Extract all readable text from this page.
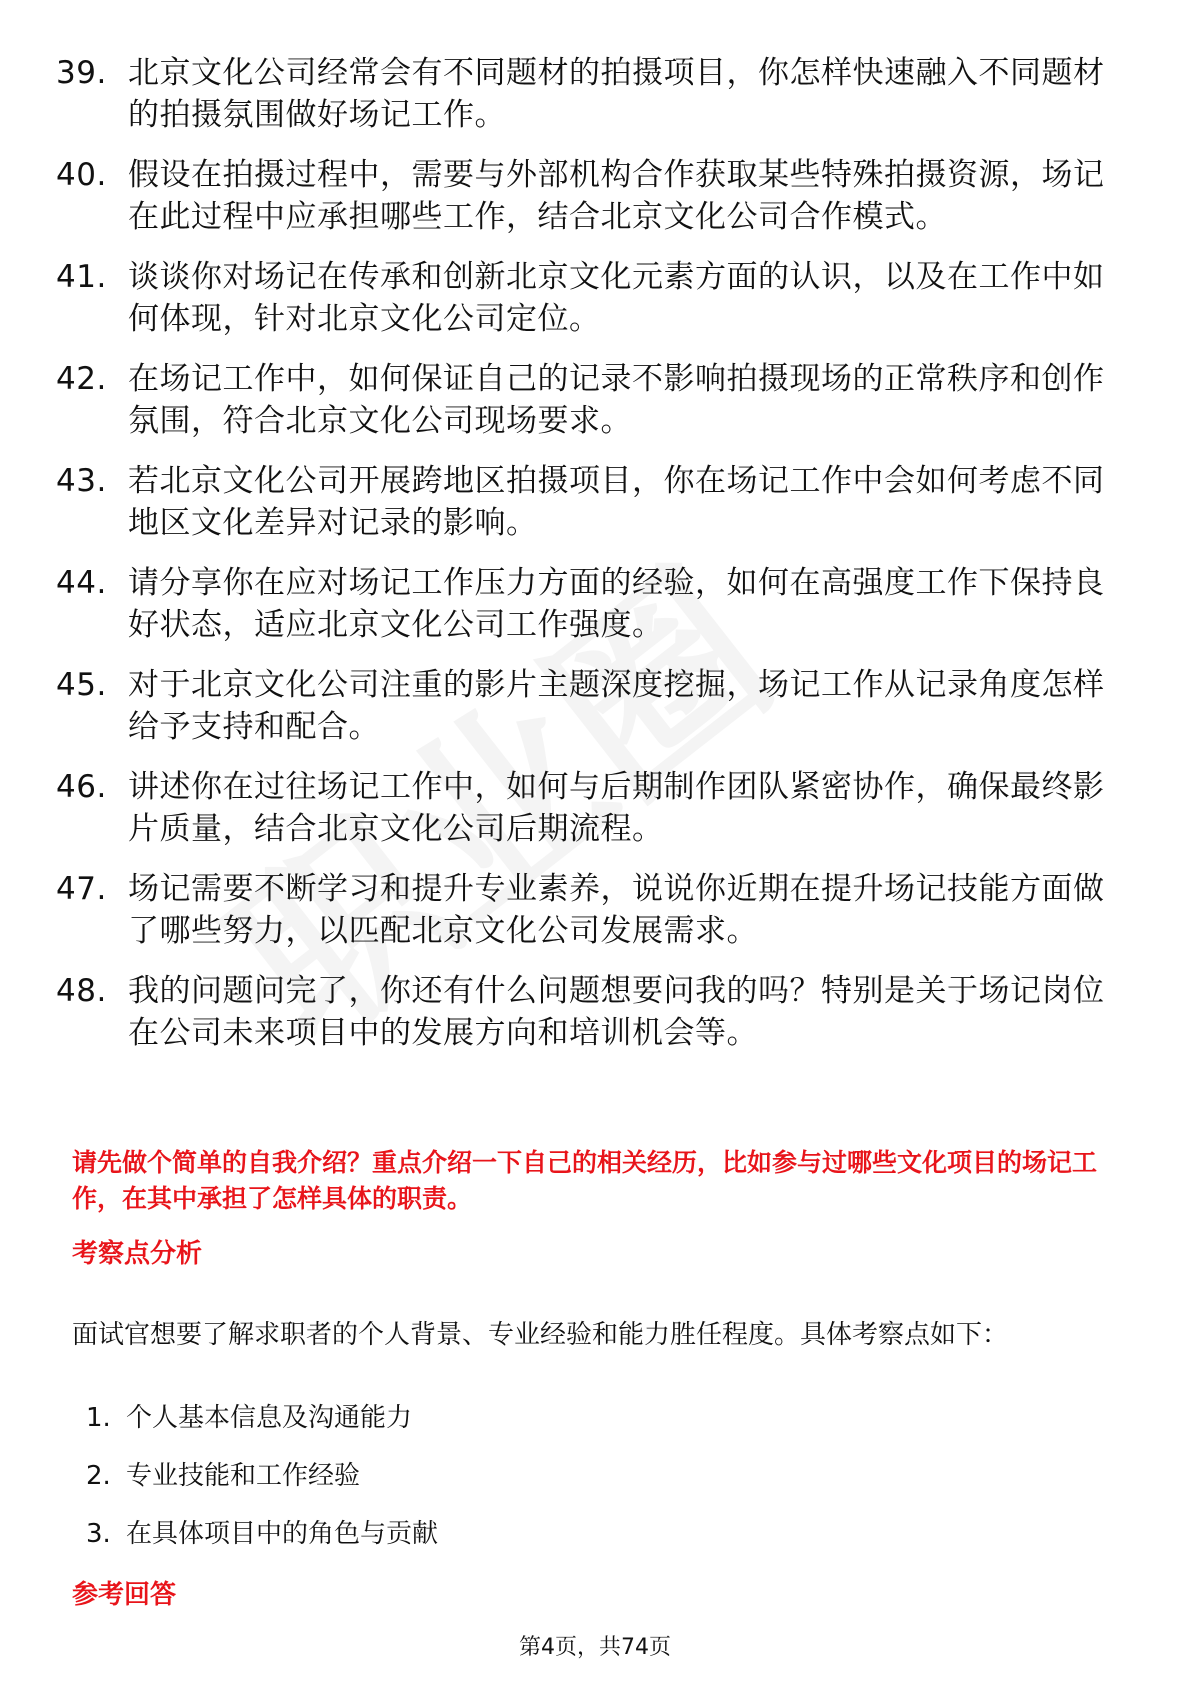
39. 北京文化公司经常会有不同题材的拍摄项目，你怎样快速融入不同题材的拍摄氛围做好场记工作。
40. 假设在拍摄过程中，需要与外部机构合作获取某些特殊拍摄资源，场记在此过程中应承担哪些工作，结合北京文化公司合作模式。
41. 谈谈你对场记在传承和创新北京文化元素方面的认识，以及在工作中如何体现，针对北京文化公司定位。
42. 在场记工作中，如何保证自己的记录不影响拍摄现场的正常秩序和创作氛围，符合北京文化公司现场要求。
43. 若北京文化公司开展跨地区拍摄项目，你在场记工作中会如何考虑不同地区文化差异对记录的影响。
44. 请分享你在应对场记工作压力方面的经验，如何在高强度工作下保持良好状态，适应北京文化公司工作强度。
45. 对于北京文化公司注重的影片主题深度挖掘，场记工作从记录角度怎样给予支持和配合。
46. 讲述你在过往场记工作中，如何与后期制作团队紧密协作，确保最终影片质量，结合北京文化公司后期流程。
47. 场记需要不断学习和提升专业素养，说说你近期在提升场记技能方面做了哪些努力，以匹配北京文化公司发展需求。
48. 我的问题问完了，你还有什么问题想要问我的吗？特别是关于场记岗位在公司未来项目中的发展方向和培训机会等。
请先做个简单的自我介绍？重点介绍一下自己的相关经历，比如参与过哪些文化项目的场记工作，在其中承担了怎样具体的职责。
考察点分析
面试官想要了解求职者的个人背景、专业经验和能力胜任程度。具体考察点如下：
1. 个人基本信息及沟通能力
2. 专业技能和工作经验
3. 在具体项目中的角色与贡献
参考回答
第4页，共74页
